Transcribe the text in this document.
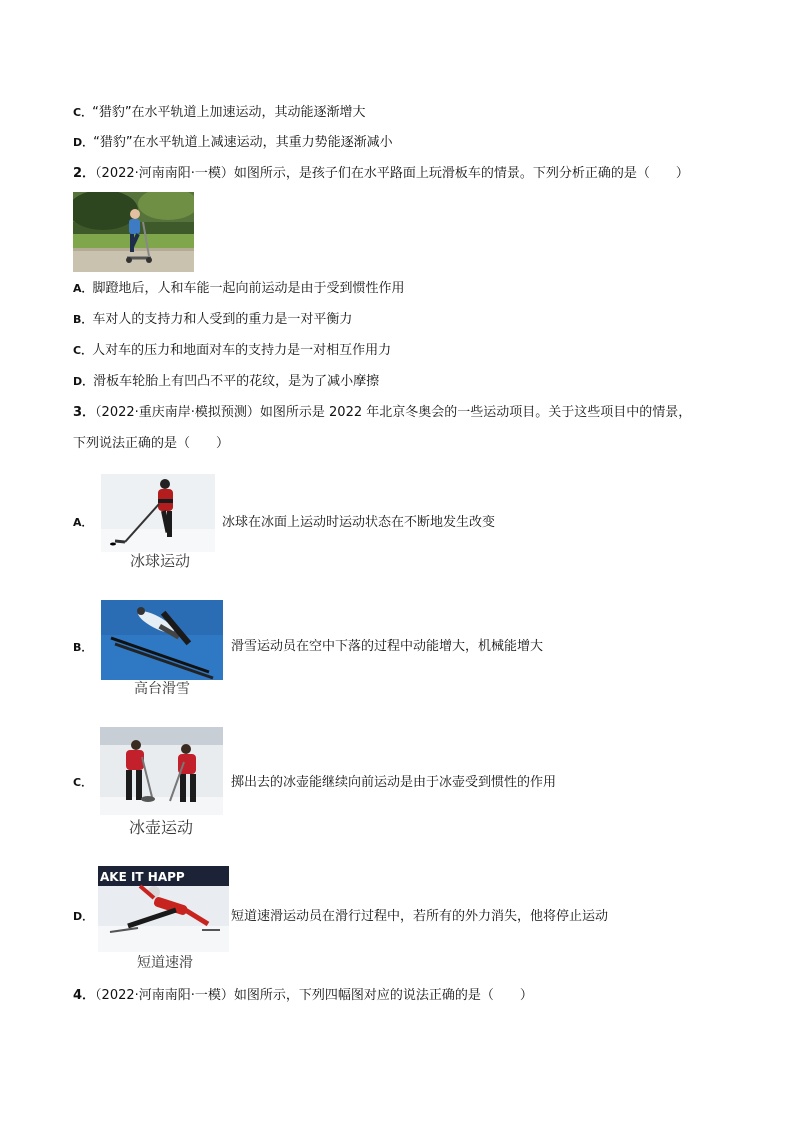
C．“猎豹”在水平轨道上加速运动，其动能逐渐增大
D．“猎豹”在水平轨道上减速运动，其重力势能逐渐减小
2．（2022·河南南阳·一模）如图所示，是孩子们在水平路面上玩滑板车的情景。下列分析正确的是（　　）
A．脚蹬地后，人和车能一起向前运动是由于受到惯性作用
B．车对人的支持力和人受到的重力是一对平衡力
C．人对车的压力和地面对车的支持力是一对相互作用力
D．滑板车轮胎上有凹凸不平的花纹，是为了减小摩擦
3．（2022·重庆南岸·模拟预测）如图所示是 2022 年北京冬奥会的一些运动项目。关于这些项目中的情景，
下列说法正确的是（　　）
A．
冰球运动
冰球在冰面上运动时运动状态在不断地发生改变
B．
高台滑雪
滑雪运动员在空中下落的过程中动能增大，机械能增大
C．
冰壶运动
掷出去的冰壶能继续向前运动是由于冰壶受到惯性的作用
D．
AKE IT HAPP
短道速滑
短道速滑运动员在滑行过程中，若所有的外力消失，他将停止运动
4．（2022·河南南阳·一模）如图所示，下列四幅图对应的说法正确的是（　　）
